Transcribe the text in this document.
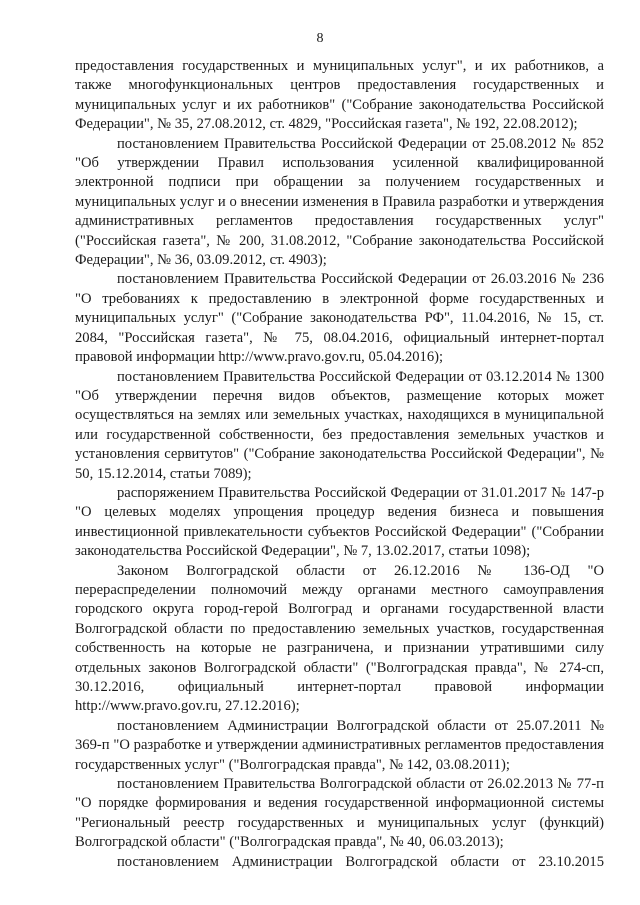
8

предоставления государственных и муниципальных услуг", и их работников, а также многофункциональных центров предоставления государственных и муниципальных услуг и их работников" ("Собрание законодательства Российской Федерации", № 35, 27.08.2012, ст. 4829, "Российская газета", № 192, 22.08.2012);

постановлением Правительства Российской Федерации от 25.08.2012 № 852 "Об утверждении Правил использования усиленной квалифицированной электронной подписи при обращении за получением государственных и муниципальных услуг и о внесении изменения в Правила разработки и утверждения административных регламентов предоставления государственных услуг" ("Российская газета", № 200, 31.08.2012, "Собрание законодательства Российской Федерации", № 36, 03.09.2012, ст. 4903);

постановлением Правительства Российской Федерации от 26.03.2016 № 236 "О требованиях к предоставлению в электронной форме государственных и муниципальных услуг" ("Собрание законодательства РФ", 11.04.2016, № 15, ст. 2084, "Российская газета", № 75, 08.04.2016, официальный интернет-портал правовой информации http://www.pravo.gov.ru, 05.04.2016);

постановлением Правительства Российской Федерации от 03.12.2014 № 1300 "Об утверждении перечня видов объектов, размещение которых может осуществляться на землях или земельных участках, находящихся в муниципальной или государственной собственности, без предоставления земельных участков и установления сервитутов" ("Собрание законодательства Российской Федерации", № 50, 15.12.2014, статьи 7089);

распоряжением Правительства Российской Федерации от 31.01.2017 № 147-р "О целевых моделях упрощения процедур ведения бизнеса и повышения инвестиционной привлекательности субъектов Российской Федерации" ("Собрании законодательства Российской Федерации", № 7, 13.02.2017, статьи 1098);

Законом Волгоградской области от 26.12.2016 № 136-ОД "О перераспределении полномочий между органами местного самоуправления городского округа город-герой Волгоград и органами государственной власти Волгоградской области по предоставлению земельных участков, государственная собственность на которые не разграничена, и признании утратившими силу отдельных законов Волгоградской области" ("Волгоградская правда", № 274-сп, 30.12.2016, официальный интернет-портал правовой информации http://www.pravo.gov.ru, 27.12.2016);

постановлением Администрации Волгоградской области от 25.07.2011 № 369-п "О разработке и утверждении административных регламентов предоставления государственных услуг" ("Волгоградская правда", № 142, 03.08.2011);

постановлением Правительства Волгоградской области от 26.02.2013 № 77-п "О порядке формирования и ведения государственной информационной системы "Региональный реестр государственных и муниципальных услуг (функций) Волгоградской области" ("Волгоградская правда", № 40, 06.03.2013);

постановлением Администрации Волгоградской области от 23.10.2015
